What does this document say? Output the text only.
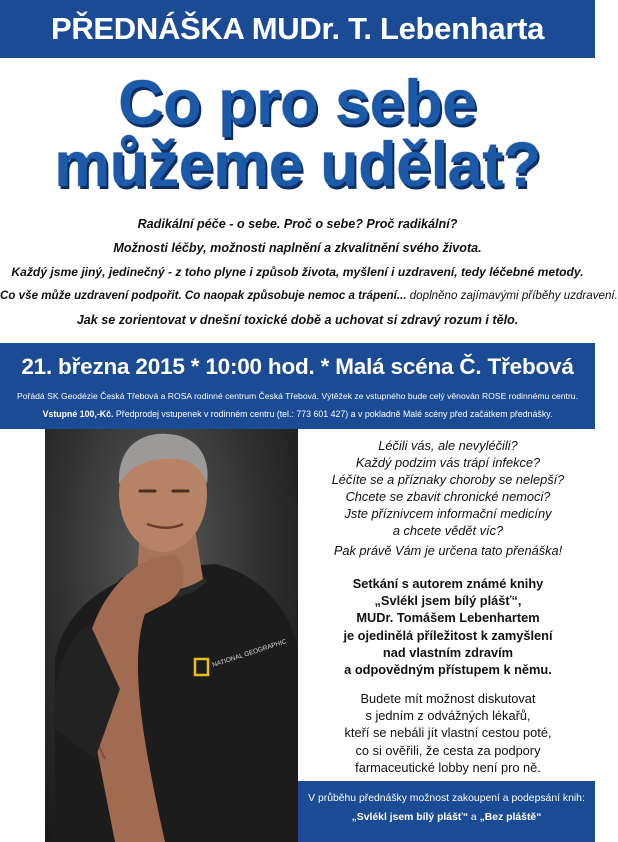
PŘEDNÁŠKA MUDr. T. Lebenharta
Co pro sebe
můžeme udělat?
Radikální péče - o sebe. Proč o sebe? Proč radikální?
Možnosti léčby, možnosti naplnění a zkvalitnění svého života.
Každý jsme jiný, jedinečný - z toho plyne i způsob života, myšlení i uzdravení, tedy léčebné metody.
Co vše může uzdravení podpořit. Co naopak způsobuje nemoc a trápení... doplněno zajímavými příběhy uzdravení.
Jak se zorientovat v dnešní toxické době a uchovat si zdravý rozum i tělo.
21. března 2015 * 10:00 hod. * Malá scéna Č. Třebová
Pořádá SK Geodézie Česká Třebová a ROSA rodinné centrum Česká Třebová. Výtěžek ze vstupného bude celý věnován ROSE rodinnému centru.
Vstupné 100,-Kč. Předprodej vstupenek v rodinném centru (tel.: 773 601 427) a v pokladně Malé scény před začátkem přednášky.
NATIONAL GEOGRAPHIC
Léčili vás, ale nevyléčili?
Každý podzim vás trápí infekce?
Léčíte se a příznaky choroby se nelepší?
Chcete se zbavit chronické nemoci?
Jste příznivcem informační medicíny
a chcete vědět víc?
Pak právě Vám je určena tato přenáška!
Setkání s autorem známé knihy
„Svlékl jsem bílý plášť“,
MUDr. Tomášem Lebenhartem
je ojedinělá příležitost k zamyšlení
nad vlastním zdravím
a odpovědným přístupem k němu.
Budete mít možnost diskutovat
s jedním z odvážných lékařů,
kteří se nebáli jít vlastní cestou poté,
co si ověřili, že cesta za podpory
farmaceutické lobby není pro ně.
V průběhu přednášky možnost zakoupení a podepsání knih:
„Svlékl jsem bílý plášť“ a „Bez pláště“
